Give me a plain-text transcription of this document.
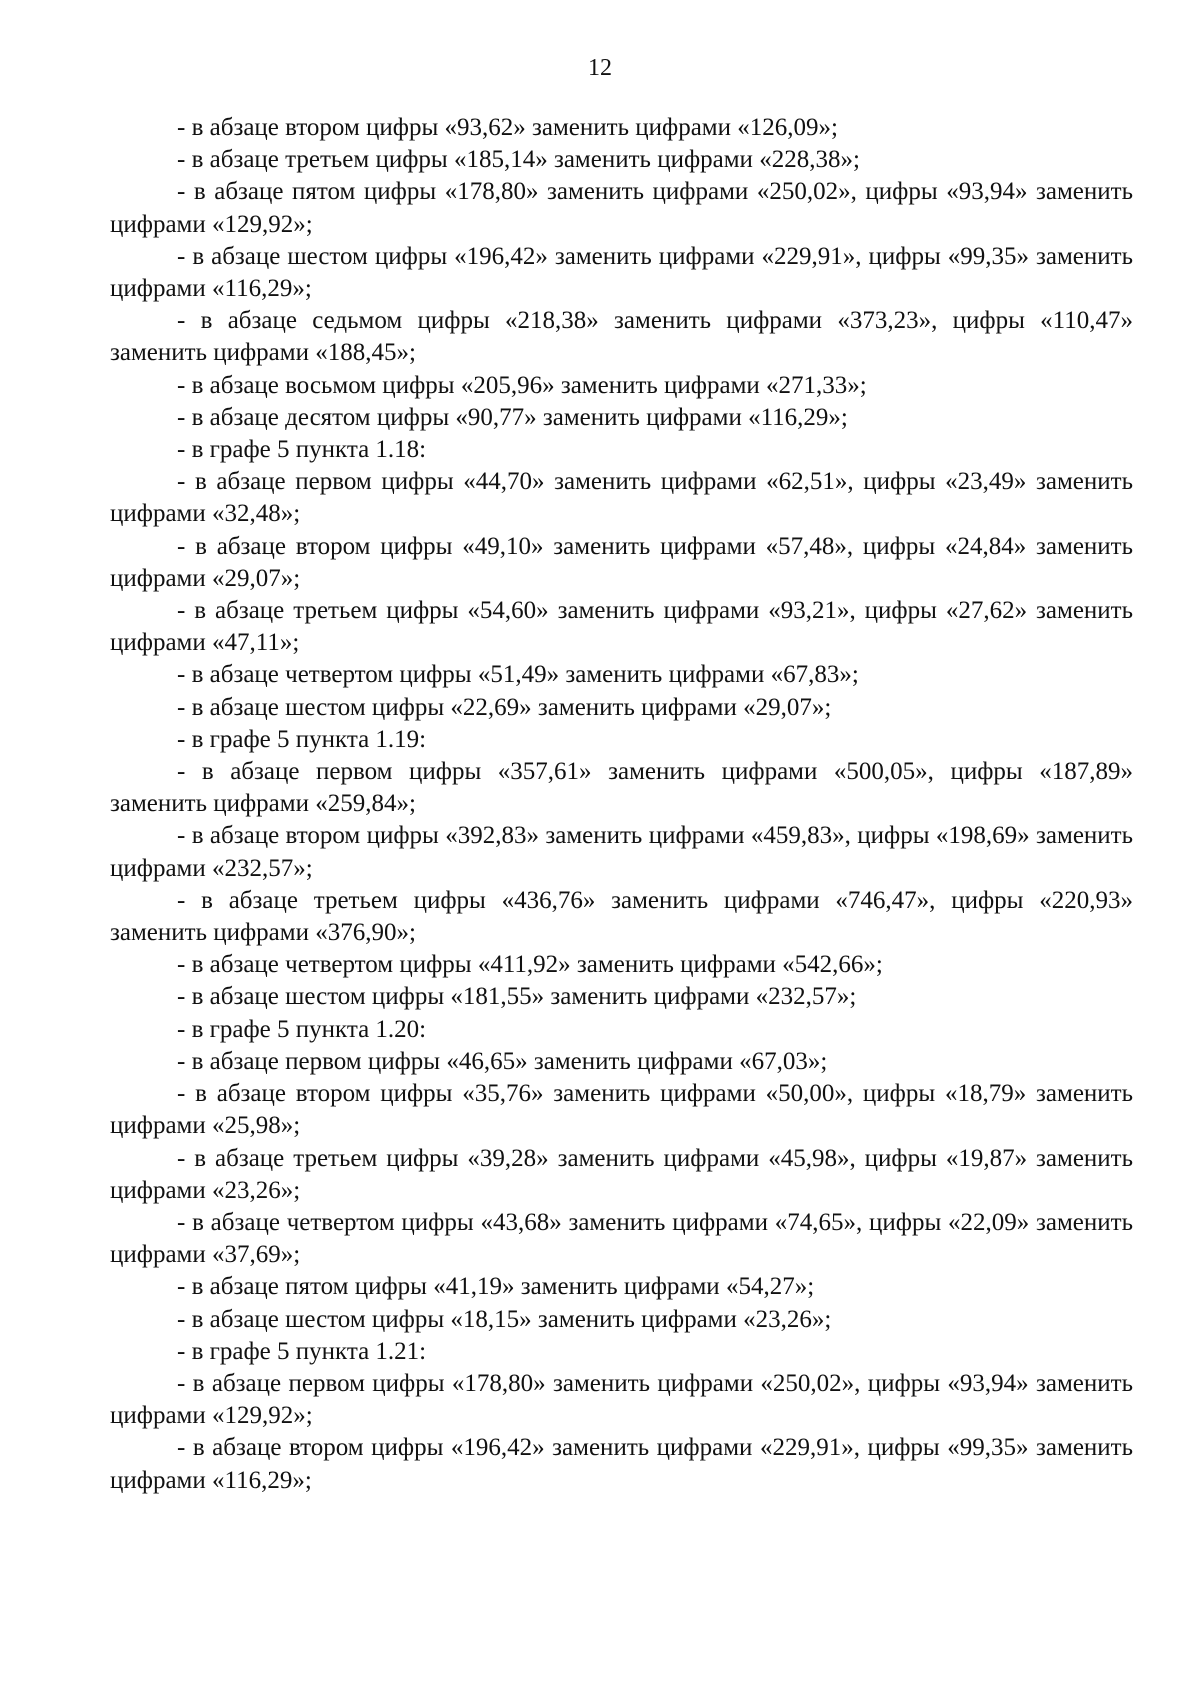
12

- в абзаце втором цифры «93,62» заменить цифрами «126,09»;

- в абзаце третьем цифры «185,14» заменить цифрами «228,38»;

- в абзаце пятом цифры «178,80» заменить цифрами «250,02», цифры «93,94» заменить цифрами «129,92»;

- в абзаце шестом цифры «196,42» заменить цифрами «229,91», цифры «99,35» заменить цифрами «116,29»;

- в абзаце седьмом цифры «218,38» заменить цифрами «373,23», цифры «110,47» заменить цифрами «188,45»;

- в абзаце восьмом цифры «205,96» заменить цифрами «271,33»;

- в абзаце десятом цифры «90,77» заменить цифрами «116,29»;

- в графе 5 пункта 1.18:

- в абзаце первом цифры «44,70» заменить цифрами «62,51», цифры «23,49» заменить цифрами «32,48»;

- в абзаце втором цифры «49,10» заменить цифрами «57,48», цифры «24,84» заменить цифрами «29,07»;

- в абзаце третьем цифры «54,60» заменить цифрами «93,21», цифры «27,62» заменить цифрами «47,11»;

- в абзаце четвертом цифры «51,49» заменить цифрами «67,83»;

- в абзаце шестом цифры «22,69» заменить цифрами «29,07»;

- в графе 5 пункта 1.19:

- в абзаце первом цифры «357,61» заменить цифрами «500,05», цифры «187,89» заменить цифрами «259,84»;

- в абзаце втором цифры «392,83» заменить цифрами «459,83», цифры «198,69» заменить цифрами «232,57»;

- в абзаце третьем цифры «436,76» заменить цифрами «746,47», цифры «220,93» заменить цифрами «376,90»;

- в абзаце четвертом цифры «411,92» заменить цифрами «542,66»;

- в абзаце шестом цифры «181,55» заменить цифрами «232,57»;

- в графе 5 пункта 1.20:

- в абзаце первом цифры «46,65» заменить цифрами «67,03»;

- в абзаце втором цифры «35,76» заменить цифрами «50,00», цифры «18,79» заменить цифрами «25,98»;

- в абзаце третьем цифры «39,28» заменить цифрами «45,98», цифры «19,87» заменить цифрами «23,26»;

- в абзаце четвертом цифры «43,68» заменить цифрами «74,65», цифры «22,09» заменить цифрами «37,69»;

- в абзаце пятом цифры «41,19» заменить цифрами «54,27»;

- в абзаце шестом цифры «18,15» заменить цифрами «23,26»;

- в графе 5 пункта 1.21:

- в абзаце первом цифры «178,80» заменить цифрами «250,02», цифры «93,94» заменить цифрами «129,92»;

- в абзаце втором цифры «196,42» заменить цифрами «229,91», цифры «99,35» заменить цифрами «116,29»;
